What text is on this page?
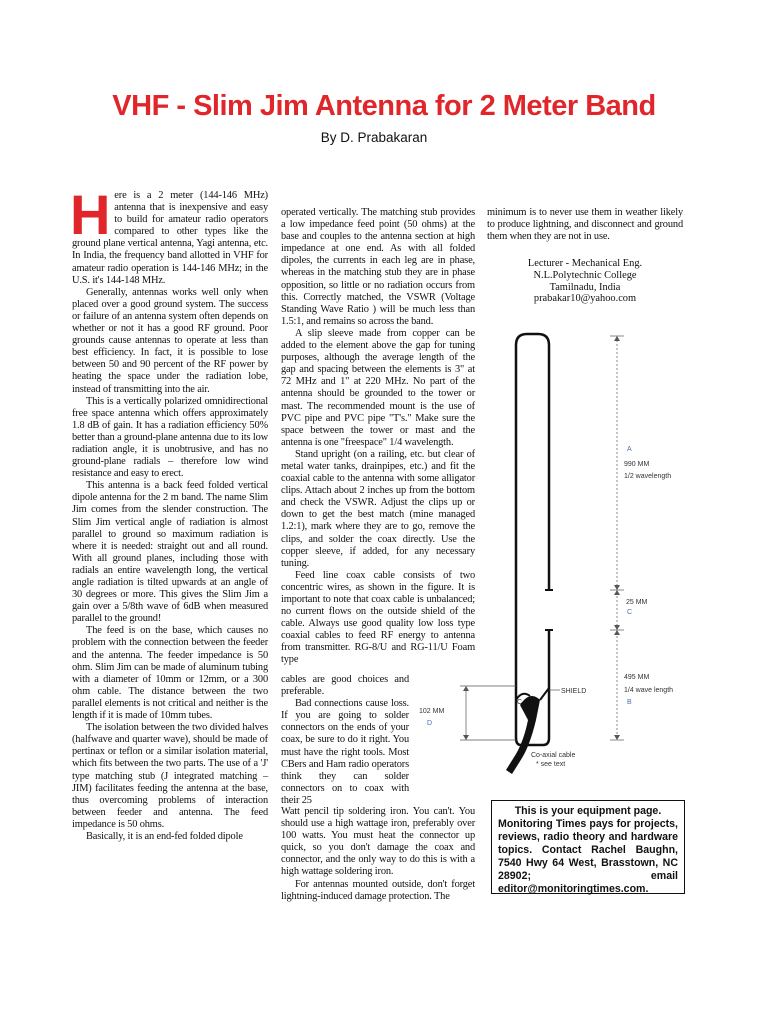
VHF - Slim Jim Antenna for 2 Meter Band
By D. Prabakaran

Here is a 2 meter (144-146 MHz) antenna that is inexpensive and easy to build for amateur radio operators compared to other types like the ground plane vertical antenna, Yagi antenna, etc. In India, the frequency band allotted in VHF for amateur radio operation is 144-146 MHz; in the U.S. it's 144-148 MHz.

Generally, antennas works well only when placed over a good ground system. The success or failure of an antenna system often depends on whether or not it has a good RF ground. Poor grounds cause antennas to operate at less than best efficiency. In fact, it is possible to lose between 50 and 90 percent of the RF power by heating the space under the radiation lobe, instead of transmitting into the air.

This is a vertically polarized omnidirectional free space antenna which offers approximately 1.8 dB of gain. It has a radiation efficiency 50% better than a ground-plane antenna due to its low radiation angle, it is unobtrusive, and has no ground-plane radials – therefore low wind resistance and easy to erect.

This antenna is a back feed folded vertical dipole antenna for the 2 m band. The name Slim Jim comes from the slender construction. The Slim Jim vertical angle of radiation is almost parallel to ground so maximum radiation is where it is needed: straight out and all round. With all ground planes, including those with radials an entire wavelength long, the vertical angle radiation is tilted upwards at an angle of 30 degrees or more. This gives the Slim Jim a gain over a 5/8th wave of 6dB when measured parallel to the ground!

The feed is on the base, which causes no problem with the connection between the feeder and the antenna. The feeder impedance is 50 ohm. Slim Jim can be made of aluminum tubing with a diameter of 10mm or 12mm, or a 300 ohm cable. The distance between the two parallel elements is not critical and neither is the length if it is made of 10mm tubes.

The isolation between the two divided halves (halfwave and quarter wave), should be made of pertinax or teflon or a similar isolation material, which fits between the two parts. The use of a 'J' type matching stub (J integrated matching – JIM) facilitates feeding the antenna at the base, thus overcoming problems of interaction between feeder and antenna. The feed impedance is 50 ohms.

Basically, it is an end-fed folded dipole

operated vertically. The matching stub provides a low impedance feed point (50 ohms) at the base and couples to the antenna section at high impedance at one end. As with all folded dipoles, the currents in each leg are in phase, whereas in the matching stub they are in phase opposition, so little or no radiation occurs from this. Correctly matched, the VSWR (Voltage Standing Wave Ratio ) will be much less than 1.5:1, and remains so across the band.

A slip sleeve made from copper can be added to the element above the gap for tuning purposes, although the average length of the gap and spacing between the elements is 3" at 72 MHz and 1" at 220 MHz. No part of the antenna should be grounded to the tower or mast. The recommended mount is the use of PVC pipe and PVC pipe "T's." Make sure the space between the tower or mast and the antenna is one "freespace" 1/4 wavelength.

Stand upright (on a railing, etc. but clear of metal water tanks, drainpipes, etc.) and fit the coaxial cable to the antenna with some alligator clips. Attach about 2 inches up from the bottom and check the VSWR. Adjust the clips up or down to get the best match (mine managed 1.2:1), mark where they are to go, remove the clips, and solder the coax directly. Use the copper sleeve, if added, for any necessary tuning.

Feed line coax cable consists of two concentric wires, as shown in the figure. It is important to note that coax cable is unbalanced; no current flows on the outside shield of the cable. Always use good quality low loss type coaxial cables to feed RF energy to antenna from transmitter. RG-8/U and RG-11/U Foam type

cables are good choices and preferable.

Bad connections cause loss. If you are going to solder connectors on the ends of your coax, be sure to do it right. You must have the right tools. Most CBers and Ham radio operators think they can solder connectors on to coax with their 25

Watt pencil tip soldering iron. You can't. You should use a high wattage iron, preferably over 100 watts. You must heat the connector up quick, so you don't damage the coax and connector, and the only way to do this is with a high wattage soldering iron.

For antennas mounted outside, don't forget lightning-induced damage protection. The

minimum is to never use them in weather likely to produce lightning, and disconnect and ground them when they are not in use.

Lecturer - Mechanical Eng.
N.L.Polytechnic College
Tamilnadu, India
prabakar10@yahoo.com
A
990 MM
1/2 wavelength
25 MM
C
495 MM
1/4 wave length
B
SHIELD
C
102 MM
D
Co-axial cable
* see text
This is your equipment page.
Monitoring Times pays for projects, reviews, radio theory and hardware topics. Contact Rachel Baughn, 7540 Hwy 64 West, Brasstown, NC 28902; email editor@monitoringtimes.com.
